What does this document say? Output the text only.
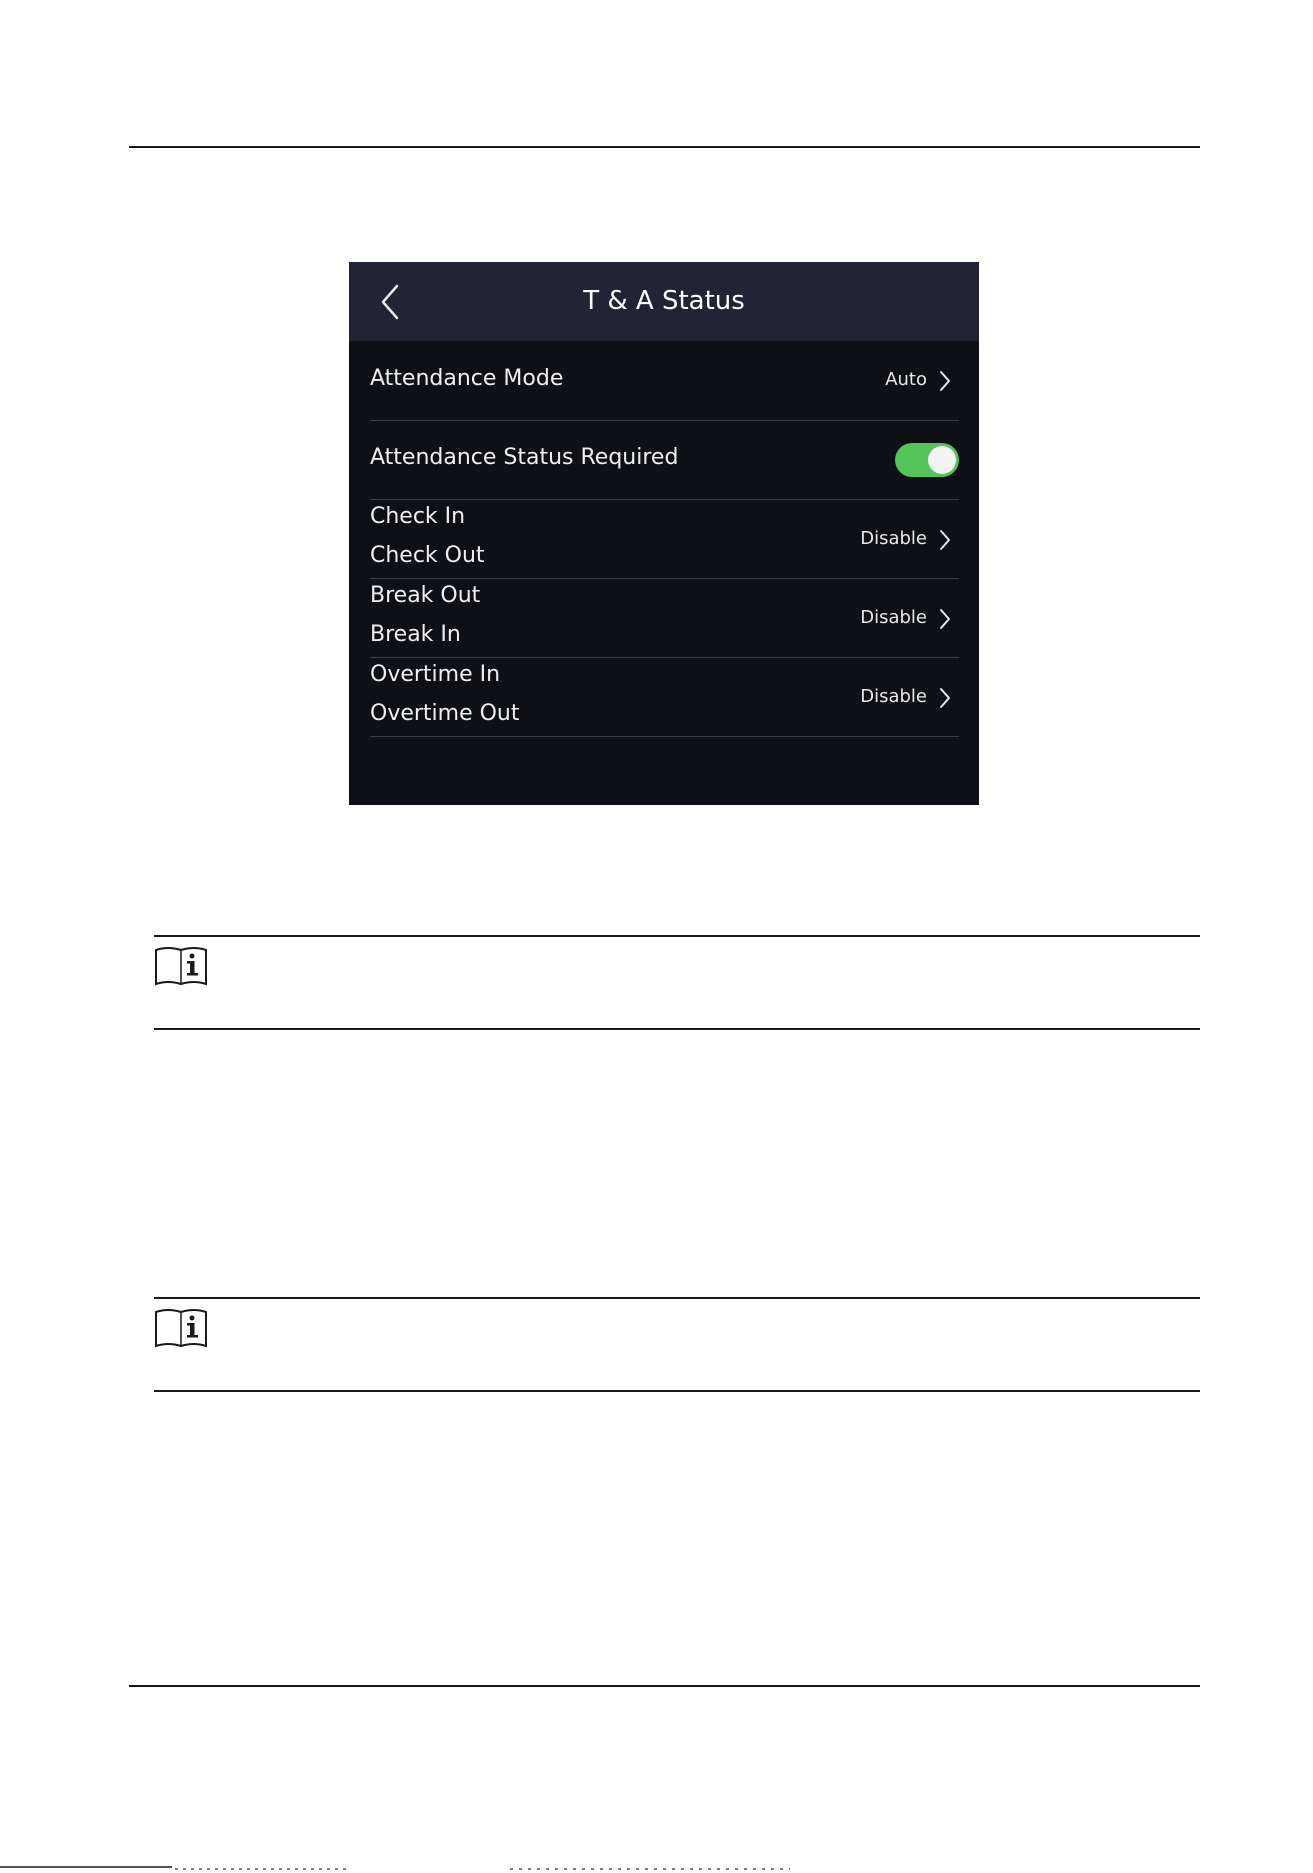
T & A Status
Attendance Mode	Auto
Attendance Status Required
Check In
Check Out
Disable
Break Out
Break In
Disable
Overtime In
Overtime Out
Disable
